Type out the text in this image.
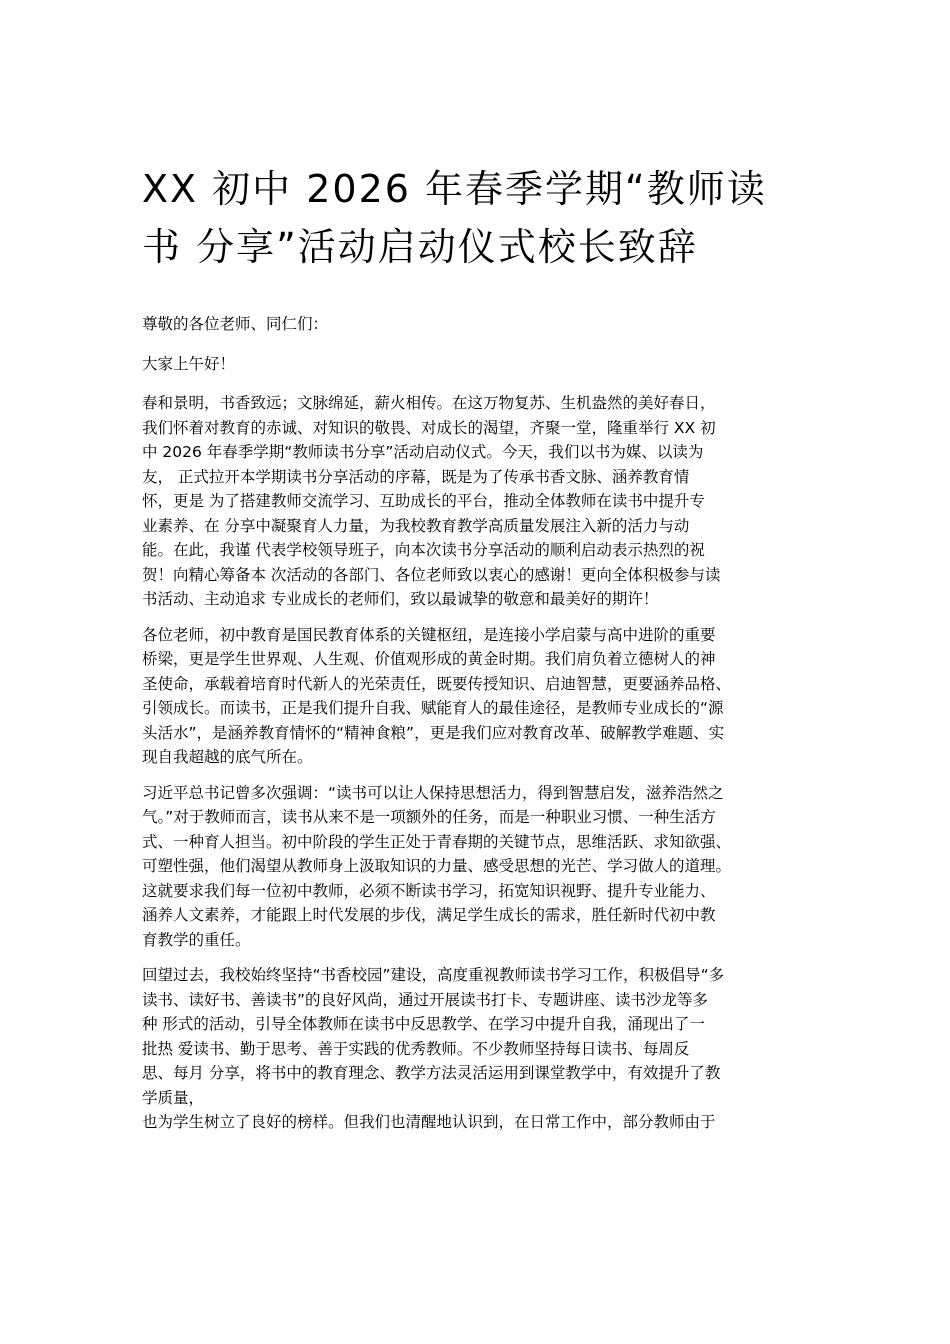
XX 初中 2026 年春季学期“教师读
书 分享”活动启动仪式校长致辞

尊敬的各位老师、同仁们：

大家上午好！

春和景明，书香致远；文脉绵延，薪火相传。在这万物复苏、生机盎然的美好春日，
我们怀着对教育的赤诚、对知识的敬畏、对成长的渴望，齐聚一堂，隆重举行 XX 初
中 2026 年春季学期“教师读书分享”活动启动仪式。今天，我们以书为媒、以读为
友， 正式拉开本学期读书分享活动的序幕，既是为了传承书香文脉、涵养教育情
怀，更是 为了搭建教师交流学习、互助成长的平台，推动全体教师在读书中提升专
业素养、在 分享中凝聚育人力量，为我校教育教学高质量发展注入新的活力与动
能。在此，我谨 代表学校领导班子，向本次读书分享活动的顺利启动表示热烈的祝
贺！向精心筹备本 次活动的各部门、各位老师致以衷心的感谢！更向全体积极参与读
书活动、主动追求 专业成长的老师们，致以最诚挚的敬意和最美好的期许！
各位老师，初中教育是国民教育体系的关键枢纽，是连接小学启蒙与高中进阶的重要
桥梁，更是学生世界观、人生观、价值观形成的黄金时期。我们肩负着立德树人的神
圣使命，承载着培育时代新人的光荣责任，既要传授知识、启迪智慧，更要涵养品格、
引领成长。而读书，正是我们提升自我、赋能育人的最佳途径，是教师专业成长的“源
头活水”，是涵养教育情怀的“精神食粮”，更是我们应对教育改革、破解教学难题、实
现自我超越的底气所在。
习近平总书记曾多次强调：“读书可以让人保持思想活力，得到智慧启发，滋养浩然之
气。”对于教师而言，读书从来不是一项额外的任务，而是一种职业习惯、一种生活方
式、一种育人担当。初中阶段的学生正处于青春期的关键节点，思维活跃、求知欲强、
可塑性强，他们渴望从教师身上汲取知识的力量、感受思想的光芒、学习做人的道理。
这就要求我们每一位初中教师，必须不断读书学习，拓宽知识视野、提升专业能力、
涵养人文素养，才能跟上时代发展的步伐，满足学生成长的需求，胜任新时代初中教
育教学的重任。
回望过去，我校始终坚持“书香校园”建设，高度重视教师读书学习工作，积极倡导“多
读书、读好书、善读书”的良好风尚，通过开展读书打卡、专题讲座、读书沙龙等多
种 形式的活动，引导全体教师在读书中反思教学、在学习中提升自我，涌现出了一
批热 爱读书、勤于思考、善于实践的优秀教师。不少教师坚持每日读书、每周反
思、每月 分享，将书中的教育理念、教学方法灵活运用到课堂教学中，有效提升了教
学质量，
也为学生树立了良好的榜样。但我们也清醒地认识到，在日常工作中，部分教师由于
